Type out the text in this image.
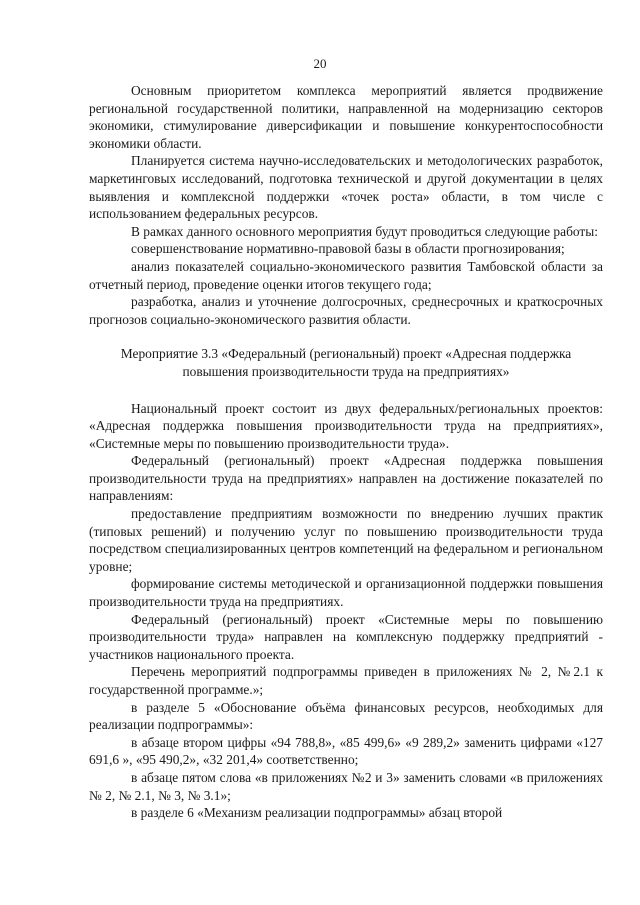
20

Основным приоритетом комплекса мероприятий является продвижение региональной государственной политики, направленной на модернизацию секторов экономики, стимулирование диверсификации и повышение конкурентоспособности экономики области.

Планируется система научно-исследовательских и методологических разработок, маркетинговых исследований, подготовка технической и другой документации в целях выявления и комплексной поддержки «точек роста» области, в том числе с использованием федеральных ресурсов.

В рамках данного основного мероприятия будут проводиться следующие работы:

совершенствование нормативно-правовой базы в области прогнозирования;

анализ показателей социально-экономического развития Тамбовской области за отчетный период, проведение оценки итогов текущего года;

разработка, анализ и уточнение долгосрочных, среднесрочных и краткосрочных прогнозов социально-экономического развития области.

Мероприятие 3.3 «Федеральный (региональный) проект «Адресная поддержка повышения производительности труда на предприятиях»

Национальный проект состоит из двух федеральных/региональных проектов: «Адресная поддержка повышения производительности труда на предприятиях», «Системные меры по повышению производительности труда».

Федеральный (региональный) проект «Адресная поддержка повышения производительности труда на предприятиях» направлен на достижение показателей по направлениям:

предоставление предприятиям возможности по внедрению лучших практик (типовых решений) и получению услуг по повышению производительности труда посредством специализированных центров компетенций на федеральном и региональном уровне;

формирование системы методической и организационной поддержки повышения производительности труда на предприятиях.

Федеральный (региональный) проект «Системные меры по повышению производительности труда» направлен на комплексную поддержку предприятий - участников национального проекта.

Перечень мероприятий подпрограммы приведен в приложениях № 2, №2.1 к государственной программе.»;

в разделе 5 «Обоснование объёма финансовых ресурсов, необходимых для реализации подпрограммы»:

в абзаце втором цифры «94 788,8», «85 499,6» «9 289,2» заменить цифрами «127 691,6 », «95 490,2», «32 201,4» соответственно;

в абзаце пятом слова «в приложениях №2 и 3» заменить словами «в приложениях № 2, № 2.1, № 3, № 3.1»;

в разделе 6 «Механизм реализации подпрограммы» абзац второй
